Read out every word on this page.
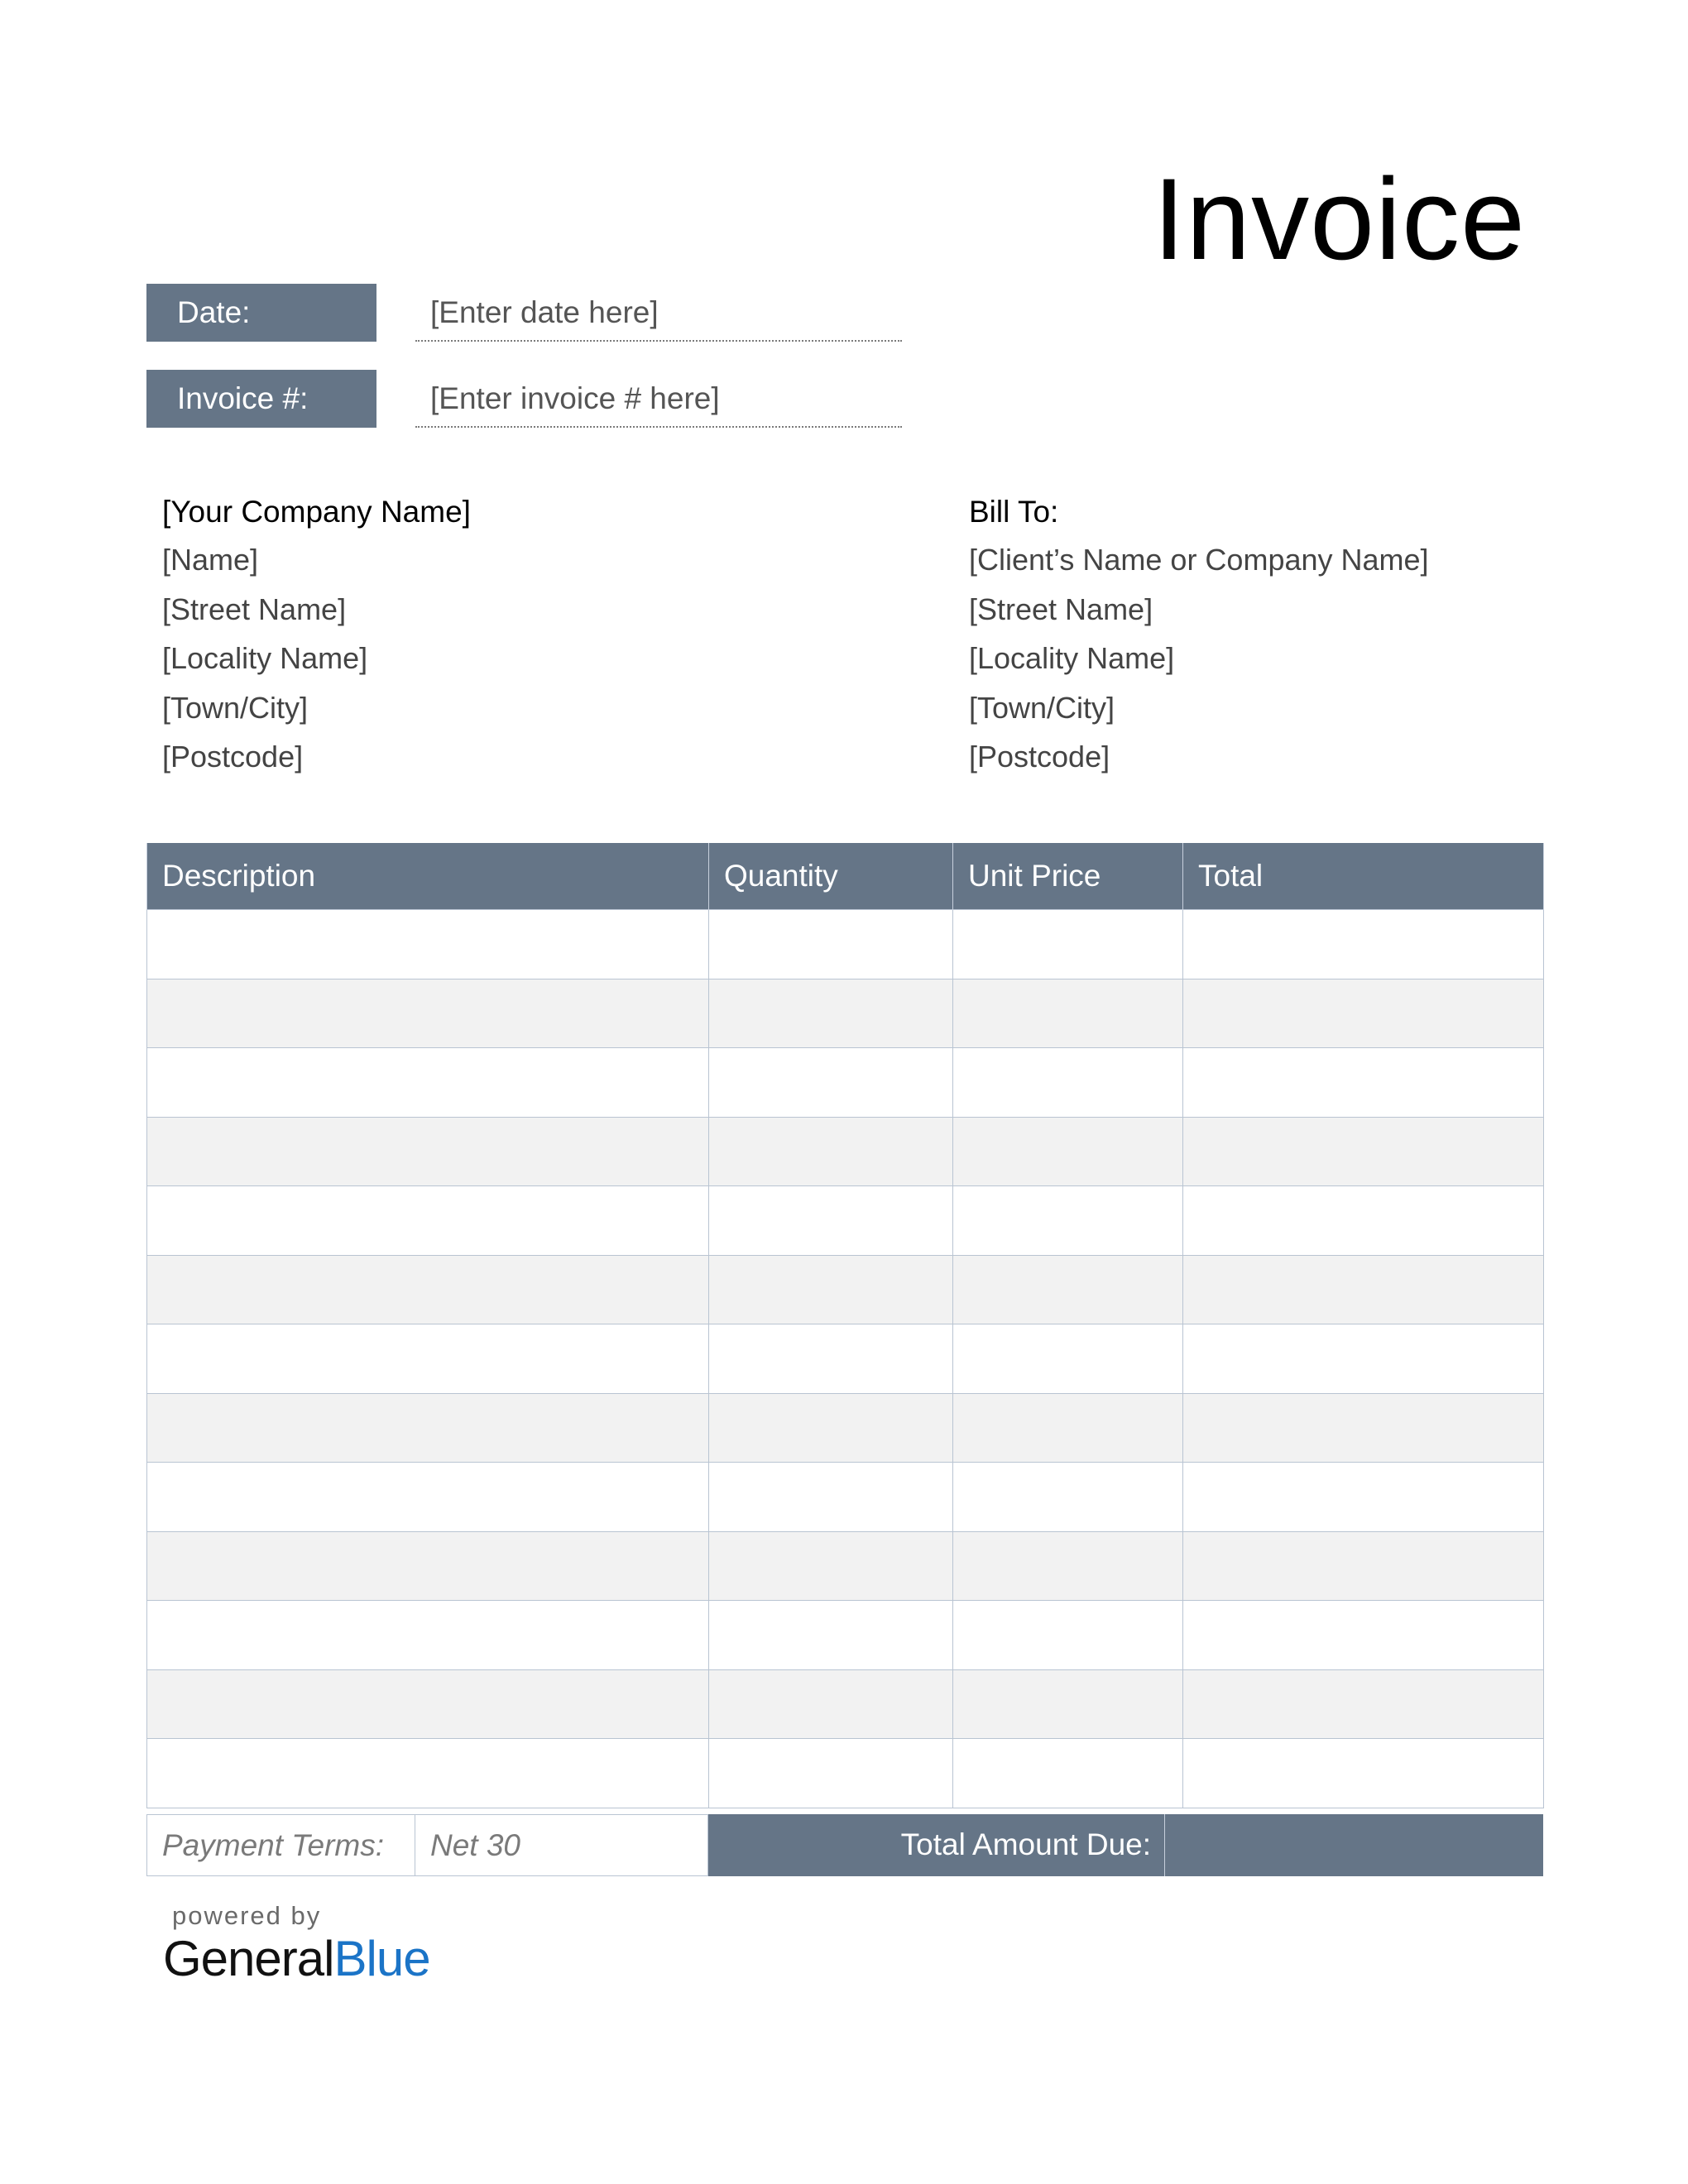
Invoice
Date:	[Enter date here]
Invoice #:	[Enter invoice # here]
[Your Company Name]
[Name]
[Street Name]
[Locality Name]
[Town/City]
[Postcode]
Bill To:
[Client’s Name or Company Name]
[Street Name]
[Locality Name]
[Town/City]
[Postcode]
Description	Quantity	Unit Price	Total

Payment Terms:	Net 30	Total Amount Due:
powered by
GeneralBlue
